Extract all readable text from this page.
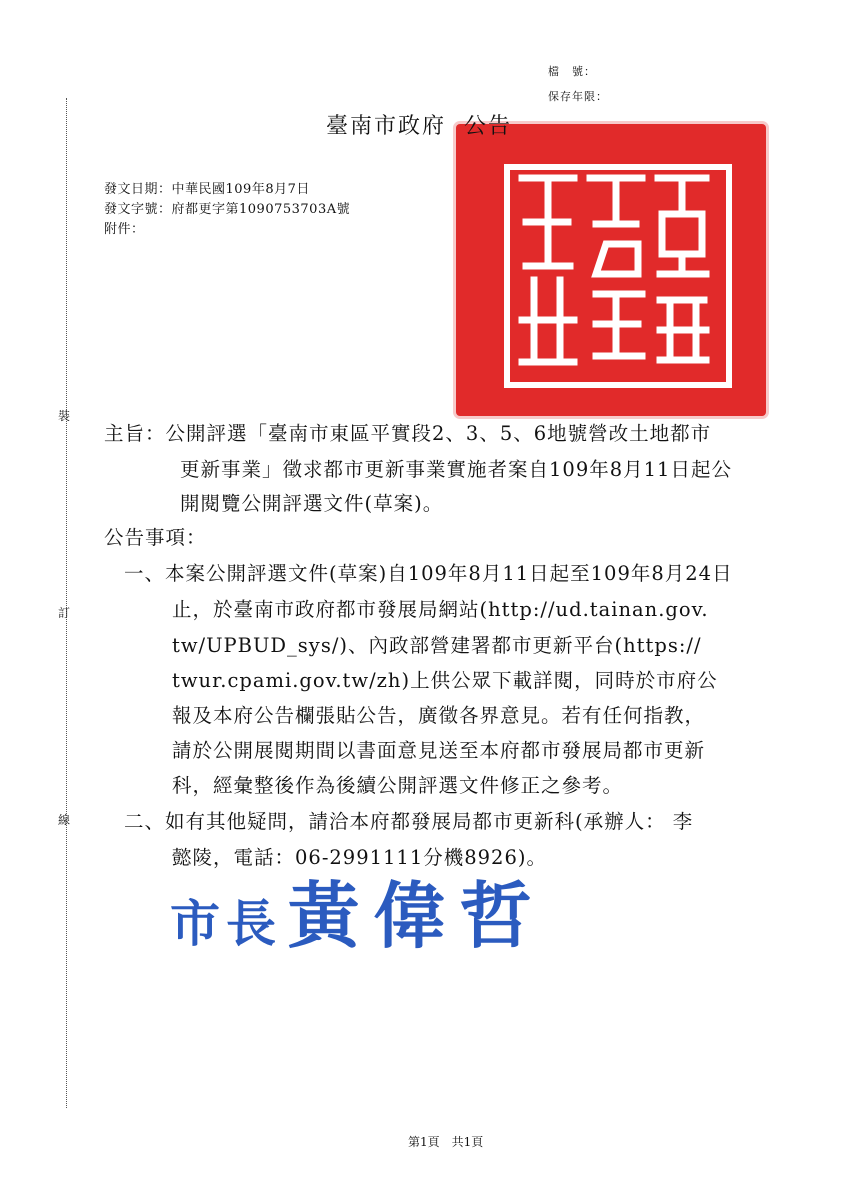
裝
訂
線
檔　號：
保存年限：
臺南市政府 公告
發文日期：中華民國109年8月7日
發文字號：府都更字第1090753703A號
附件：
主旨：公開評選「臺南市東區平實段2、3、5、6地號營改土地都市
更新事業」徵求都市更新事業實施者案自109年8月11日起公
開閱覽公開評選文件(草案)。
公告事項：
一、本案公開評選文件(草案)自109年8月11日起至109年8月24日
止，於臺南市政府都市發展局網站(http://ud.tainan.gov.
tw/UPBUD_sys/)、內政部營建署都市更新平台(https://
twur.cpami.gov.tw/zh)上供公眾下載詳閱，同時於市府公
報及本府公告欄張貼公告，廣徵各界意見。若有任何指教，
請於公開展閱期間以書面意見送至本府都市發展局都市更新
科，經彙整後作為後續公開評選文件修正之參考。
二、如有其他疑問，請洽本府都發展局都市更新科(承辦人： 李
懿陵，電話：06-2991111分機8926)。
市長 黃偉哲
第1頁　共1頁
